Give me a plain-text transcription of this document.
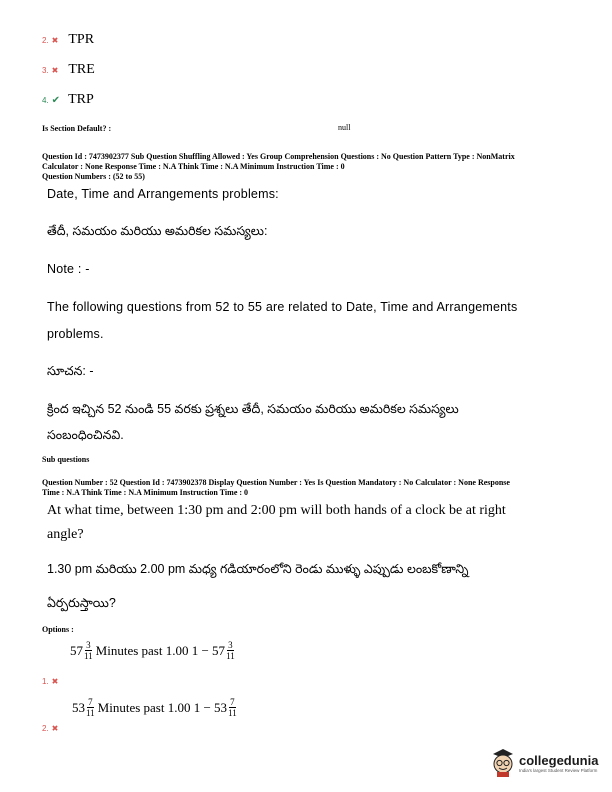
2. ✖ TPR
3. ✖ TRE
4. ✔ TRP
Is Section Default? :	null
Question Id : 7473902377 Sub Question Shuffling Allowed : Yes Group Comprehension Questions : No Question Pattern Type : NonMatrix
Calculator : None Response Time : N.A Think Time : N.A Minimum Instruction Time : 0
Question Numbers : (52 to 55)
Date, Time and Arrangements problems:
తేదీ, సమయం మరియు అమరికల సమస్యలు:
Note : -
The following questions from 52 to 55 are related to Date, Time and Arrangements
problems.
సూచన: -
క్రింద ఇచ్చిన 52 నుండి 55 వరకు ప్రశ్నలు తేదీ, సమయం మరియు అమరికల సమస్యలు
సంబంధించినవి.
Sub questions
Question Number : 52 Question Id : 7473902378 Display Question Number : Yes Is Question Mandatory : No Calculator : None Response
Time : N.A Think Time : N.A Minimum Instruction Time : 0
At what time, between 1:30 pm and 2:00 pm will both hands of a clock be at right
angle?
1.30 pm మరియు 2.00 pm మధ్య గడియారంలోని రెండు ముళ్ళు ఎప్పుడు లంబకోణాన్ని
ఏర్పరుస్తాయి?
Options :
$57 \frac{3}{11}$ Minutes past 1.00 $1 - 57 \frac{3}{11}$
1. ✖
$53 \frac{7}{11}$ Minutes past 1.00 $1 - 53 \frac{7}{11}$
2. ✖
collegedunia
India's largest Student Review Platform
